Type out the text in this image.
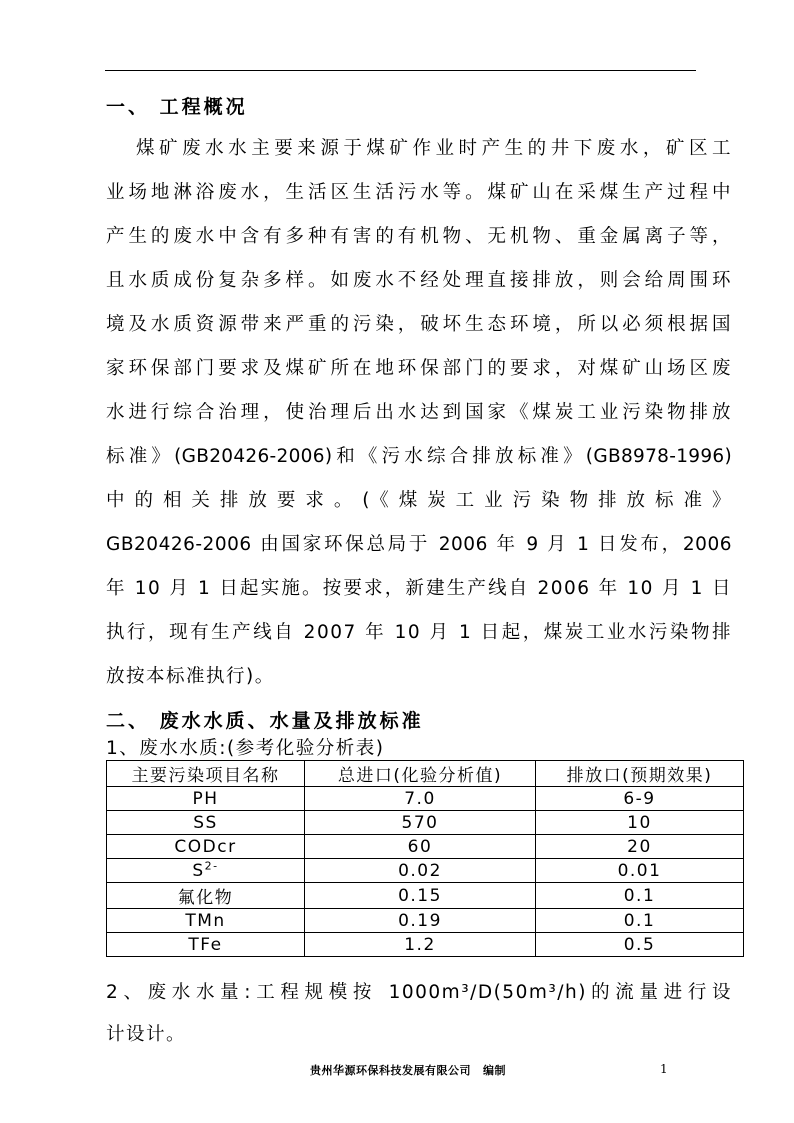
一、 工程概况
煤矿废水水主要来源于煤矿作业时产生的井下废水，矿区工
业场地淋浴废水，生活区生活污水等。煤矿山在采煤生产过程中
产生的废水中含有多种有害的有机物、无机物、重金属离子等，
且水质成份复杂多样。如废水不经处理直接排放，则会给周围环
境及水质资源带来严重的污染，破坏生态环境，所以必须根据国
家环保部门要求及煤矿所在地环保部门的要求，对煤矿山场区废
水进行综合治理，使治理后出水达到国家《煤炭工业污染物排放
标准》(GB20426-2006)和《污水综合排放标准》(GB8978-1996)
中的相关排放要求。(《煤炭工业污染物排放标准》
GB20426-2006 由国家环保总局于 2006 年 9 月 1 日发布，2006
年 10 月 1 日起实施。按要求，新建生产线自 2006 年 10 月 1 日
执行，现有生产线自 2007 年 10 月 1 日起，煤炭工业水污染物排
放按本标准执行)。
二、 废水水质、水量及排放标准
1、废水水质:(参考化验分析表)
主要污染项目名称	总进口(化验分析值)	排放口(预期效果)
PH	7.0	6-9
SS	570	10
CODcr	60	20
$S^{2-}$	0.02	0.01
氟化物	0.15	0.1
TMn	0.19	0.1
TFe	1.2	0.5
2、废水水量:工程规模按 1000m³/D(50m³/h)的流量进行设
计设计。
贵州华源环保科技发展有限公司 编制	1
